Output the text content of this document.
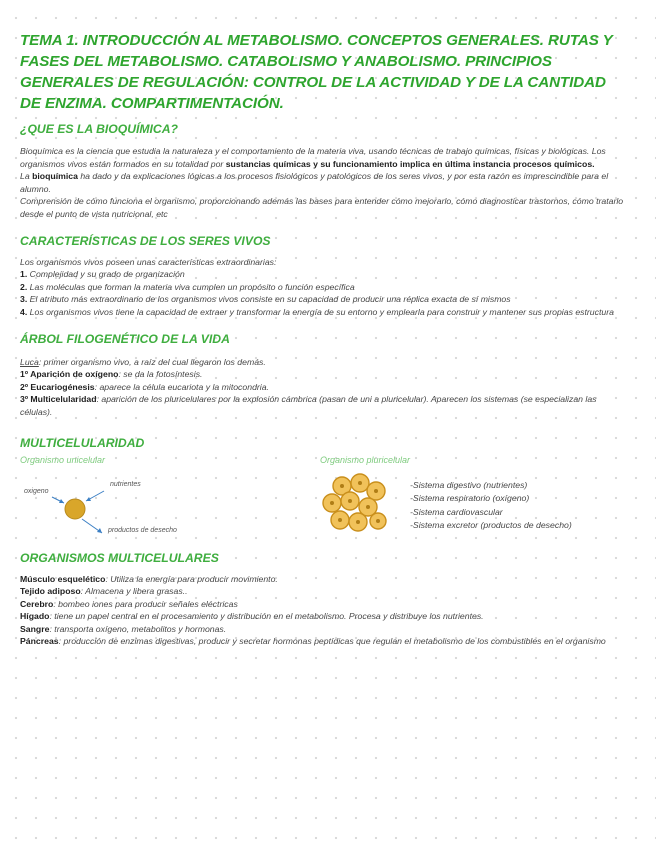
TEMA 1. INTRODUCCIÓN AL METABOLISMO. CONCEPTOS GENERALES. RUTAS Y FASES DEL METABOLISMO. CATABOLISMO Y ANABOLISMO. PRINCIPIOS GENERALES DE REGULACIÓN: CONTROL DE LA ACTIVIDAD Y DE LA CANTIDAD DE ENZIMA. COMPARTIMENTACIÓN.
¿QUE ES LA BIOQUÍMICA?

Bioquímica es la ciencia que estudia la naturaleza y el comportamiento de la materia viva, usando técnicas de trabajo químicas, físicas y biológicas. Los organismos vivos están formados en su totalidad por sustancias químicas y su funcionamiento implica en última instancia procesos químicos.

La bioquímica ha dado y da explicaciones lógicas a los procesos fisiológicos y patológicos de los seres vivos, y por esta razón es imprescindible para el alumno.

Comprensión de cómo funciona el organismo, proporcionando además las bases para entender cómo mejorarlo, cómo diagnosticar trastornos, cómo tratarlo desde el punto de vista nutricional, etc

CARACTERÍSTICAS DE LOS SERES VIVOS

Los organismos vivos poseen unas características extraordinarias:

1. Complejidad y su grado de organización

2. Las moléculas que forman la materia viva cumplen un propósito o función específica

3. El atributo más extraordinario de los organismos vivos consiste en su capacidad de producir una réplica exacta de sí mismos

4. Los organismos vivos tiene la capacidad de extraer y transformar la energía de su entorno y emplearla para construir y mantener sus propias estructura

ÁRBOL FILOGENÉTICO DE LA VIDA

Luca: primer organismo vivo, a raíz del cual llegaron los demás.

1º Aparición de oxígeno: se da la fotosíntesis.

2º Eucariogénesis: aparece la célula eucariota y la mitocondria.

3º Multicelularidad: aparición de los pluricelulares por la explosión cámbrica (pasan de uni a pluricelular). Aparecen los sistemas (se especializan las células).

MULTICELULARIDAD
Organismo unicelular	Organismo pluricelular
oxigeno
nutrientes
productos de desecho
-Sistema digestivo (nutrientes)
-Sistema respiratorio (oxígeno)
-Sistema cardiovascular
-Sistema excretor (productos de desecho)
ORGANISMOS MULTICELULARES

Músculo esquelético: Utiliza la energía para producir movimiento.

Tejido adiposo: Almacena y libera grasas..

Cerebro: bombeo iones para producir señales eléctricas

Hígado: tiene un papel central en el procesamiento y distribución en el metabolismo. Procesa y distribuye los nutrientes.

Sangre: transporta oxígeno, metabolitos y hormonas.

Páncreas: producción de enzimas digestivas, producir y secretar hormonas peptídicas que regulan el metabolismo de los combustibles en el organismo
